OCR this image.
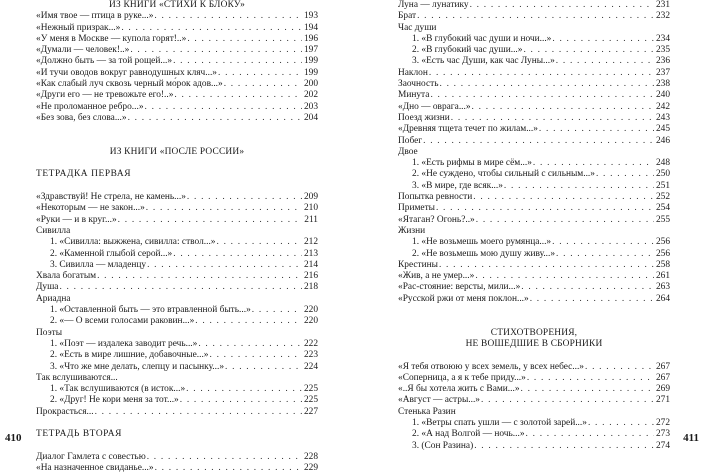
ИЗ КНИГИ «СТИХИ К БЛОКУ»
«Имя твое — птица в руке...» . . .	193
«Нежный призрак...» . . .	194
«У меня в Москве — купола горят!..» . . .	196
«Думали — человек!..» . . .	197
«Должно быть — за той рощей...» . . .	199
«И тучи оводов вокруг равнодушных кляч...» . . .	199
«Как слабый луч сквозь черный мо́рок адов...» . . .	200
«Други его — не тревожьте его!..» . . .	202
«Не проломанное ребро...» . . .	203
«Без зова, без слова...» . . .	204
ИЗ КНИГИ «ПОСЛЕ РОССИИ»
ТЕТРАДКА ПЕРВАЯ
«Здравствуй! Не стрела, не камень...» . . .	209
«Некоторым — не закон...» . . .	210
«Руки — и в круг...» . . .	211
Сивилла
1. «Сивилла: выжжена, сивилла: ствол...» . . .	212
2. «Каменной глыбой серой...» . . .	213
3. Сивилла — младенцу . . .	214
Хвала богатым . . .	216
Душа . . .	218
Ариадна
1. «Оставленной быть — это втравленной быть...» . . .	220
2. «— О всеми голосами раковин...» . . .	220
Поэты
1. «Поэт — издалека заводит речь...» . . .	222
2. «Есть в мире лишние, добавочные...» . . .	223
3. «Что же мне делать, слепцу и пасынку...» . . .	224
Так вслушиваются...
1. «Так вслушиваются (в исток...» . . .	225
2. «Друг! Не кори меня за тот...» . . .	225
Прокрасться... . . .	227
ТЕТРАДЬ ВТОРАЯ
Диалог Гамлета с совестью . . .	228
«На назначенное свиданье...» . . .	229
410
Луна — лунатику . . .	231
Брат . . .	232
Час души
1. «В глубокий час души и ночи...» . . .	234
2. «В глубокий час души...» . . .	235
3. «Есть час Души, как час Луны...» . . .	236
Наклон . . .	237
Заочность . . .	238
Минута . . .	240
«Дно — оврага...» . . .	242
Поезд жизни . . .	243
«Древняя тщета течет по жилам...» . . .	245
Побег . . .	246
Двое
1. «Есть рифмы в мире сём...» . . .	248
2. «Не суждено, чтобы сильный с сильным...» . . .	250
3. «В мире, где всяк...» . . .	251
Попытка ревности . . .	252
Приметы . . .	254
«Ятаган? Огонь?..» . . .	255
Жизни
1. «Не возьмешь моего румянца...» . . .	256
2. «Не возьмешь мою душу живу...» . . .	256
Крестины . . .	258
«Жив, а не умер...» . . .	261
«Рас-стояние: версты, мили...» . . .	263
«Русской ржи от меня поклон...» . . .	264
СТИХОТВОРЕНИЯ,
НЕ ВОШЕДШИЕ В СБОРНИКИ
«Я тебя отвоюю у всех земель, у всех небес...» . . .	267
«Соперница, а я к тебе приду...» . . .	267
«..Я бы хотела жить с Вами...» . . .	269
«Август — астры...» . . .	271
Стенька Разин
1. «Ветры спать ушли — с золотой зарей...» . . .	272
2. «А над Волгой — ночь...» . . .	273
3. (Сон Разина) . . .	274
411
